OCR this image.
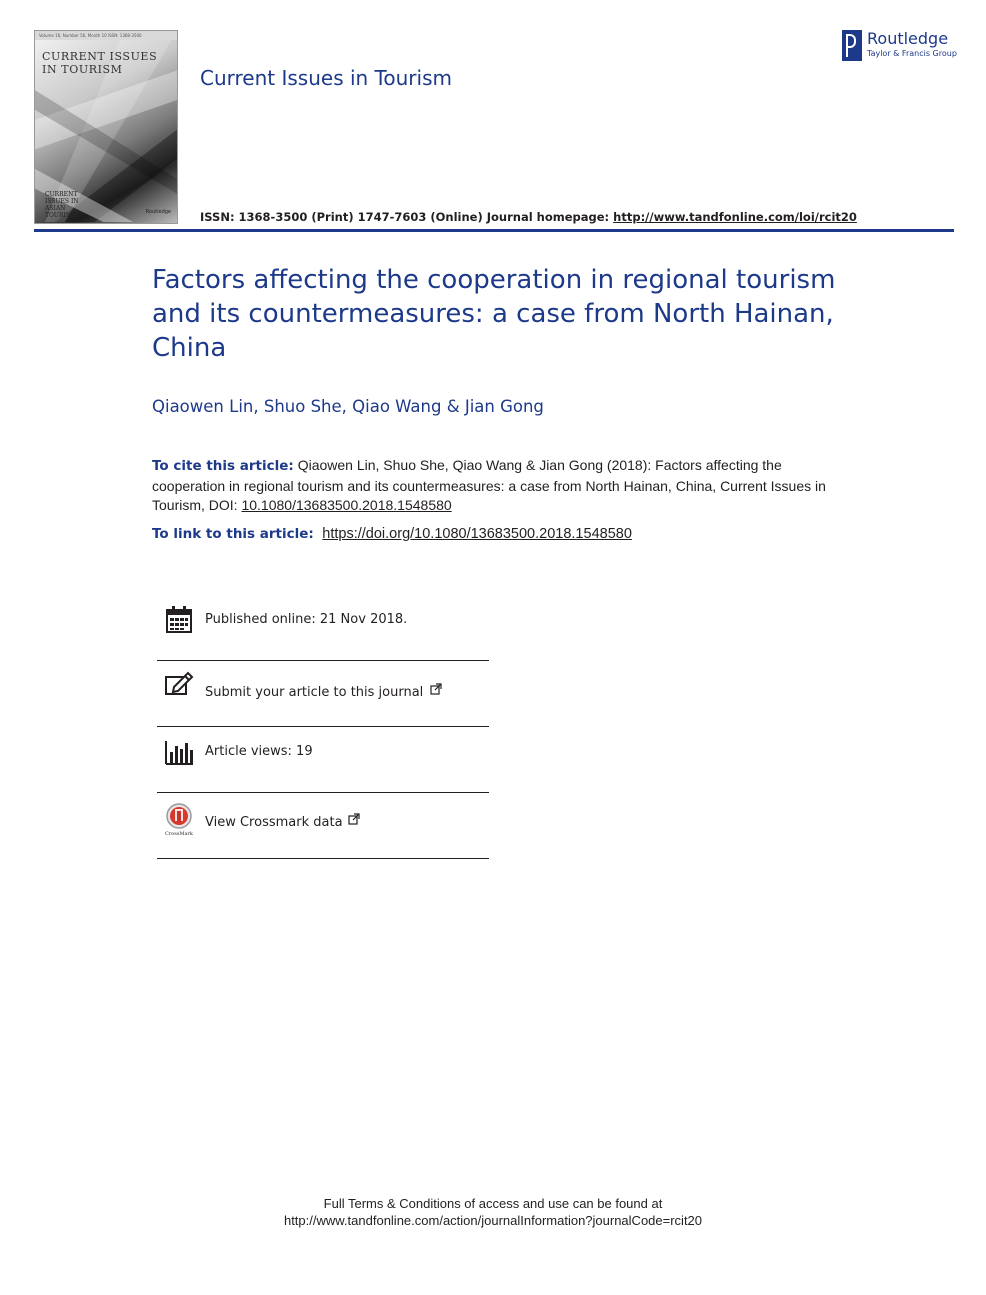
Volume 16, Number 56, Month 10 ISSN: 1368-3500
CURRENT ISSUES
IN TOURISM
CURRENT ISSUES IN ASIAN TOURISM	Routledge
Current Issues in Tourism
Routledge
Taylor & Francis Group
ISSN: 1368-3500 (Print) 1747-7603 (Online) Journal homepage: http://www.tandfonline.com/loi/rcit20
Factors affecting the cooperation in regional tourism and its countermeasures: a case from North Hainan, China
Qiaowen Lin, Shuo She, Qiao Wang & Jian Gong
To cite this article: Qiaowen Lin, Shuo She, Qiao Wang & Jian Gong (2018): Factors affecting the cooperation in regional tourism and its countermeasures: a case from North Hainan, China, Current Issues in Tourism, DOI: 10.1080/13683500.2018.1548580
To link to this article: https://doi.org/10.1080/13683500.2018.1548580
Published online: 21 Nov 2018.
Submit your article to this journal
Article views: 19
CrossMark
View Crossmark data
Full Terms & Conditions of access and use can be found at
http://www.tandfonline.com/action/journalInformation?journalCode=rcit20
